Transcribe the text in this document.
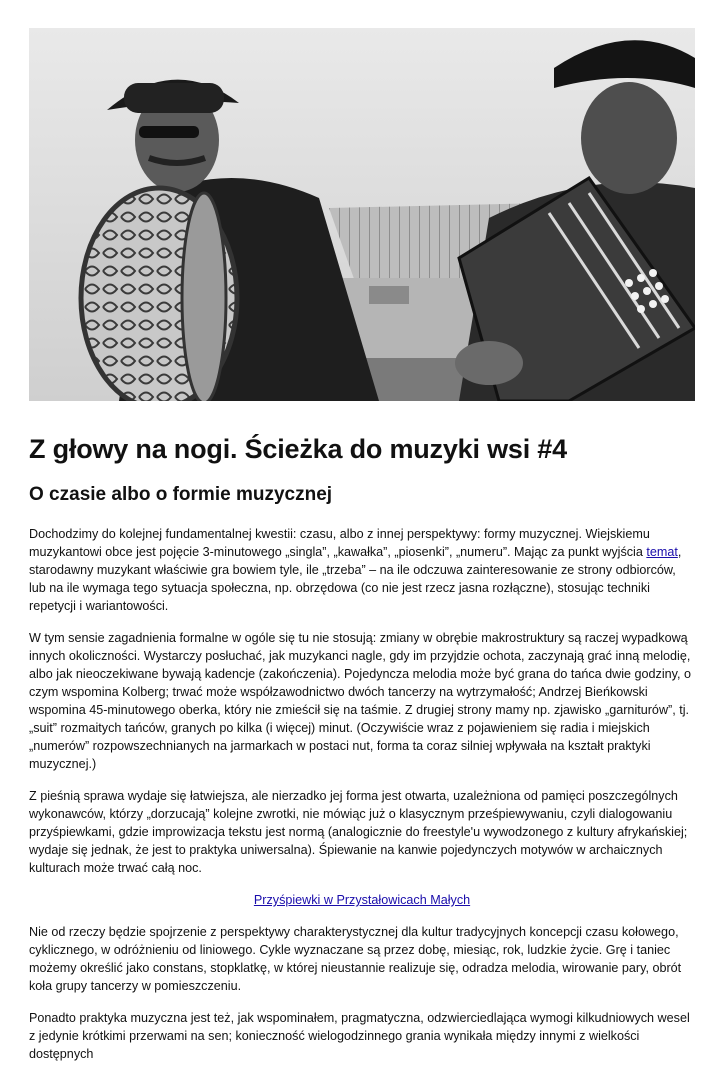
Z głowy na nogi. Ścieżka do muzyki wsi #4
O czasie albo o formie muzycznej

Dochodzimy do kolejnej fundamentalnej kwestii: czasu, albo z innej perspektywy: formy muzycznej. Wiejskiemu muzykantowi obce jest pojęcie 3-minutowego „singla”, „kawałka”, „piosenki”, „numeru”. Mając za punkt wyjścia temat, starodawny muzykant właściwie gra bowiem tyle, ile „trzeba” – na ile odczuwa zainteresowanie ze strony odbiorców, lub na ile wymaga tego sytuacja społeczna, np. obrzędowa (co nie jest rzecz jasna rozłączne), stosując techniki repetycji i wariantowości.

W tym sensie zagadnienia formalne w ogóle się tu nie stosują: zmiany w obrębie makrostruktury są raczej wypadkową innych okoliczności. Wystarczy posłuchać, jak muzykanci nagle, gdy im przyjdzie ochota, zaczynają grać inną melodię, albo jak nieoczekiwane bywają kadencje (zakończenia). Pojedyncza melodia może być grana do tańca dwie godziny, o czym wspomina Kolberg; trwać może współzawodnictwo dwóch tancerzy na wytrzymałość; Andrzej Bieńkowski wspomina 45-minutowego oberka, który nie zmieścił się na taśmie. Z drugiej strony mamy np. zjawisko „garniturów”, tj. „suit” rozmaitych tańców, granych po kilka (i więcej) minut. (Oczywiście wraz z pojawieniem się radia i miejskich „numerów” rozpowszechnianych na jarmarkach w postaci nut, forma ta coraz silniej wpływała na kształt praktyki muzycznej.)

Z pieśnią sprawa wydaje się łatwiejsza, ale nierzadko jej forma jest otwarta, uzależniona od pamięci poszczególnych wykonawców, którzy „dorzucają” kolejne zwrotki, nie mówiąc już o klasycznym prześpiewywaniu, czyli dialogowaniu przyśpiewkami, gdzie improwizacja tekstu jest normą (analogicznie do freestyle'u wywodzonego z kultury afrykańskiej; wydaje się jednak, że jest to praktyka uniwersalna). Śpiewanie na kanwie pojedynczych motywów w archaicznych kulturach może trwać całą noc.

Przyśpiewki w Przystałowicach Małych

Nie od rzeczy będzie spojrzenie z perspektywy charakterystycznej dla kultur tradycyjnych koncepcji czasu kołowego, cyklicznego, w odróżnieniu od liniowego. Cykle wyznaczane są przez dobę, miesiąc, rok, ludzkie życie. Grę i taniec możemy określić jako constans, stopklatkę, w której nieustannie realizuje się, odradza melodia, wirowanie pary, obrót koła grupy tancerzy w pomieszczeniu.

Ponadto praktyka muzyczna jest też, jak wspominałem, pragmatyczna, odzwierciedlająca wymogi kilkudniowych wesel z jedynie krótkimi przerwami na sen; konieczność wielogodzinnego grania wynikała między innymi z wielkości dostępnych
